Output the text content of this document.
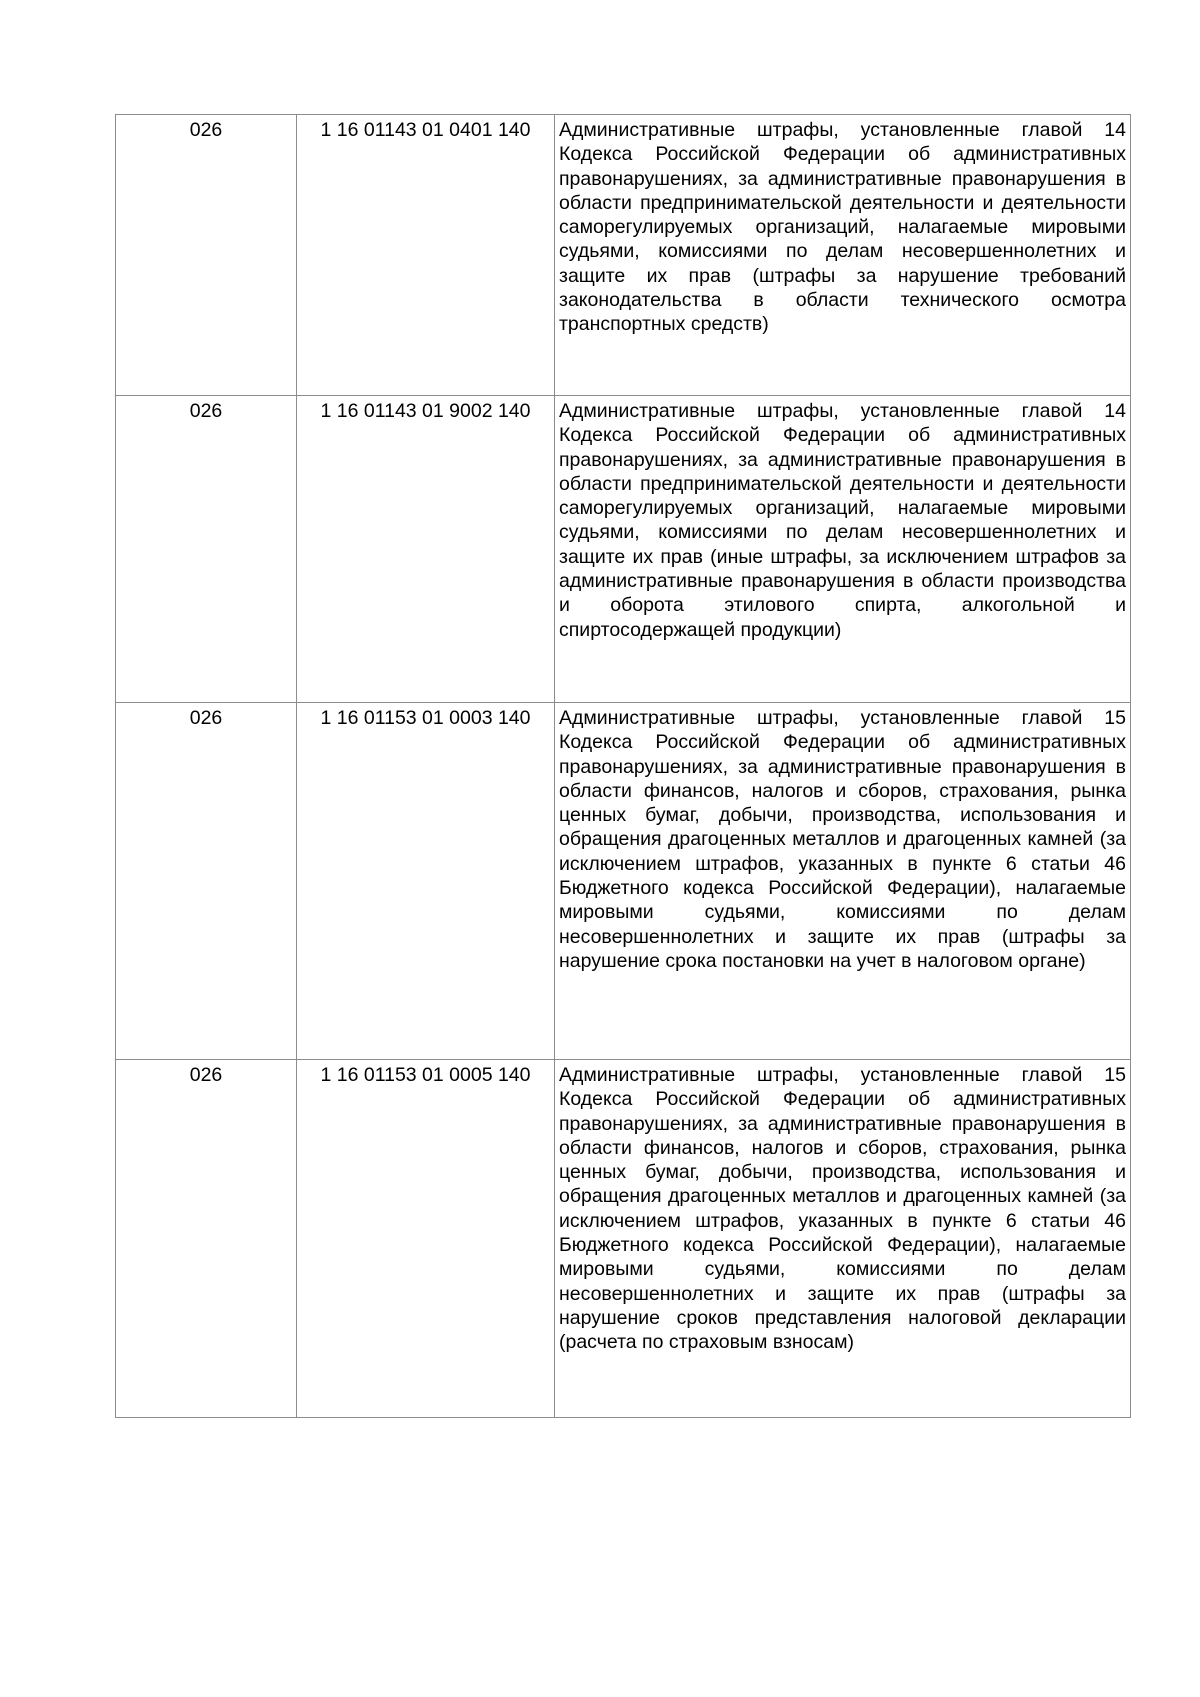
026	1 16 01143 01 0401 140	Административные штрафы, установленные главой 14 Кодекса Российской Федерации об административных правонарушениях, за административные правонарушения в области предпринимательской деятельности и деятельности саморегулируемых организаций, налагаемые мировыми судьями, комиссиями по делам несовершеннолетних и защите их прав (штрафы за нарушение требований законодательства в области технического осмотра транспортных средств)
026	1 16 01143 01 9002 140	Административные штрафы, установленные главой 14 Кодекса Российской Федерации об административных правонарушениях, за административные правонарушения в области предпринимательской деятельности и деятельности саморегулируемых организаций, налагаемые мировыми судьями, комиссиями по делам несовершеннолетних и защите их прав (иные штрафы, за исключением штрафов за административные правонарушения в области производства и оборота этилового спирта, алкогольной и спиртосодержащей продукции)
026	1 16 01153 01 0003 140	Административные штрафы, установленные главой 15 Кодекса Российской Федерации об административных правонарушениях, за административные правонарушения в области финансов, налогов и сборов, страхования, рынка ценных бумаг, добычи, производства, использования и обращения драгоценных металлов и драгоценных камней (за исключением штрафов, указанных в пункте 6 статьи 46 Бюджетного кодекса Российской Федерации), налагаемые мировыми судьями, комиссиями по делам несовершеннолетних и защите их прав (штрафы за нарушение срока постановки на учет в налоговом органе)
026	1 16 01153 01 0005 140	Административные штрафы, установленные главой 15 Кодекса Российской Федерации об административных правонарушениях, за административные правонарушения в области финансов, налогов и сборов, страхования, рынка ценных бумаг, добычи, производства, использования и обращения драгоценных металлов и драгоценных камней (за исключением штрафов, указанных в пункте 6 статьи 46 Бюджетного кодекса Российской Федерации), налагаемые мировыми судьями, комиссиями по делам несовершеннолетних и защите их прав (штрафы за нарушение сроков представления налоговой декларации (расчета по страховым взносам)
